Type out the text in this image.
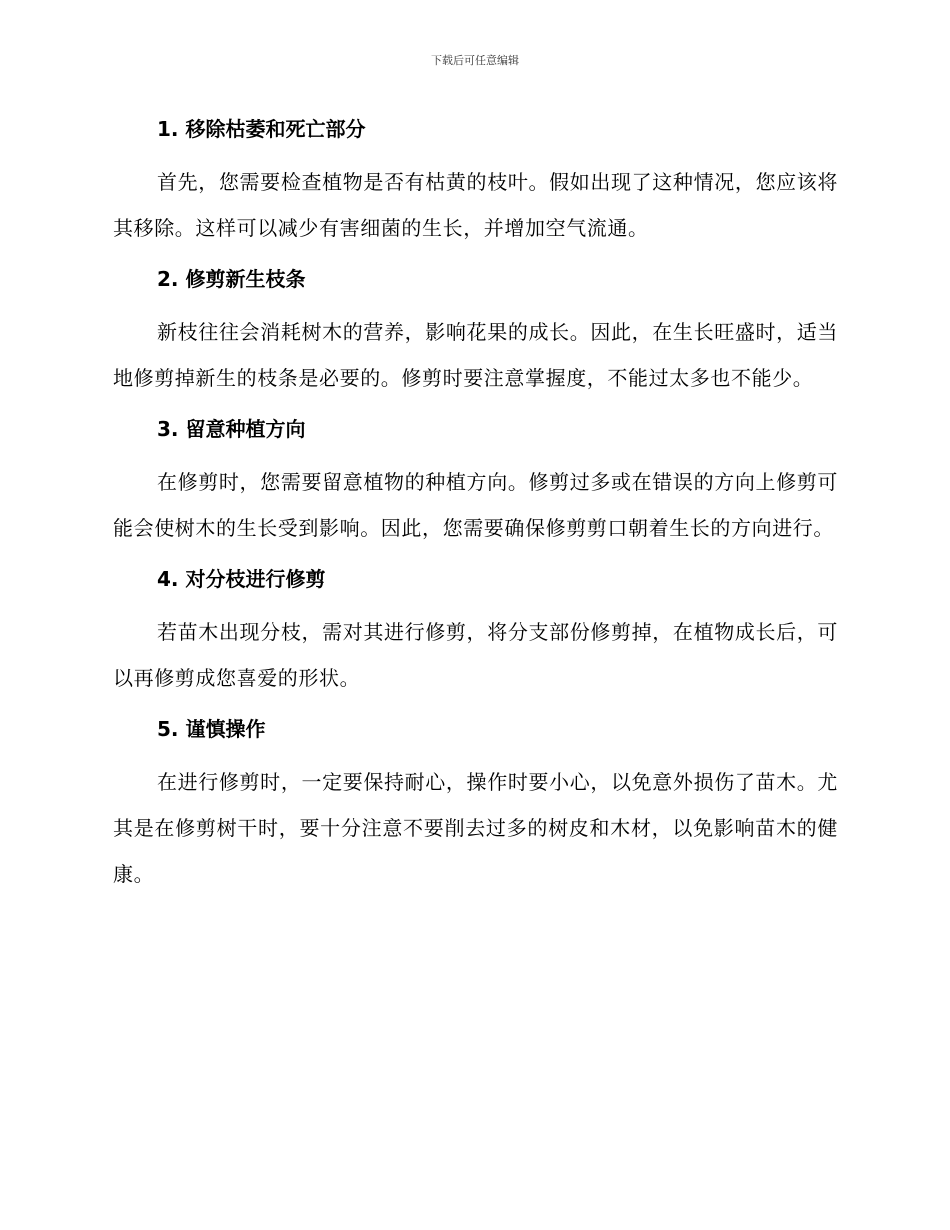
下载后可任意编辑

1. 移除枯萎和死亡部分

首先，您需要检查植物是否有枯黄的枝叶。假如出现了这种情况，您应该将其移除。这样可以减少有害细菌的生长，并增加空气流通。

2. 修剪新生枝条

新枝往往会消耗树木的营养，影响花果的成长。因此，在生长旺盛时，适当地修剪掉新生的枝条是必要的。修剪时要注意掌握度，不能过太多也不能少。

3. 留意种植方向

在修剪时，您需要留意植物的种植方向。修剪过多或在错误的方向上修剪可能会使树木的生长受到影响。因此，您需要确保修剪剪口朝着生长的方向进行。

4. 对分枝进行修剪

若苗木出现分枝，需对其进行修剪，将分支部份修剪掉，在植物成长后，可以再修剪成您喜爱的形状。

5. 谨慎操作

在进行修剪时，一定要保持耐心，操作时要小心，以免意外损伤了苗木。尤其是在修剪树干时，要十分注意不要削去过多的树皮和木材，以免影响苗木的健康。
